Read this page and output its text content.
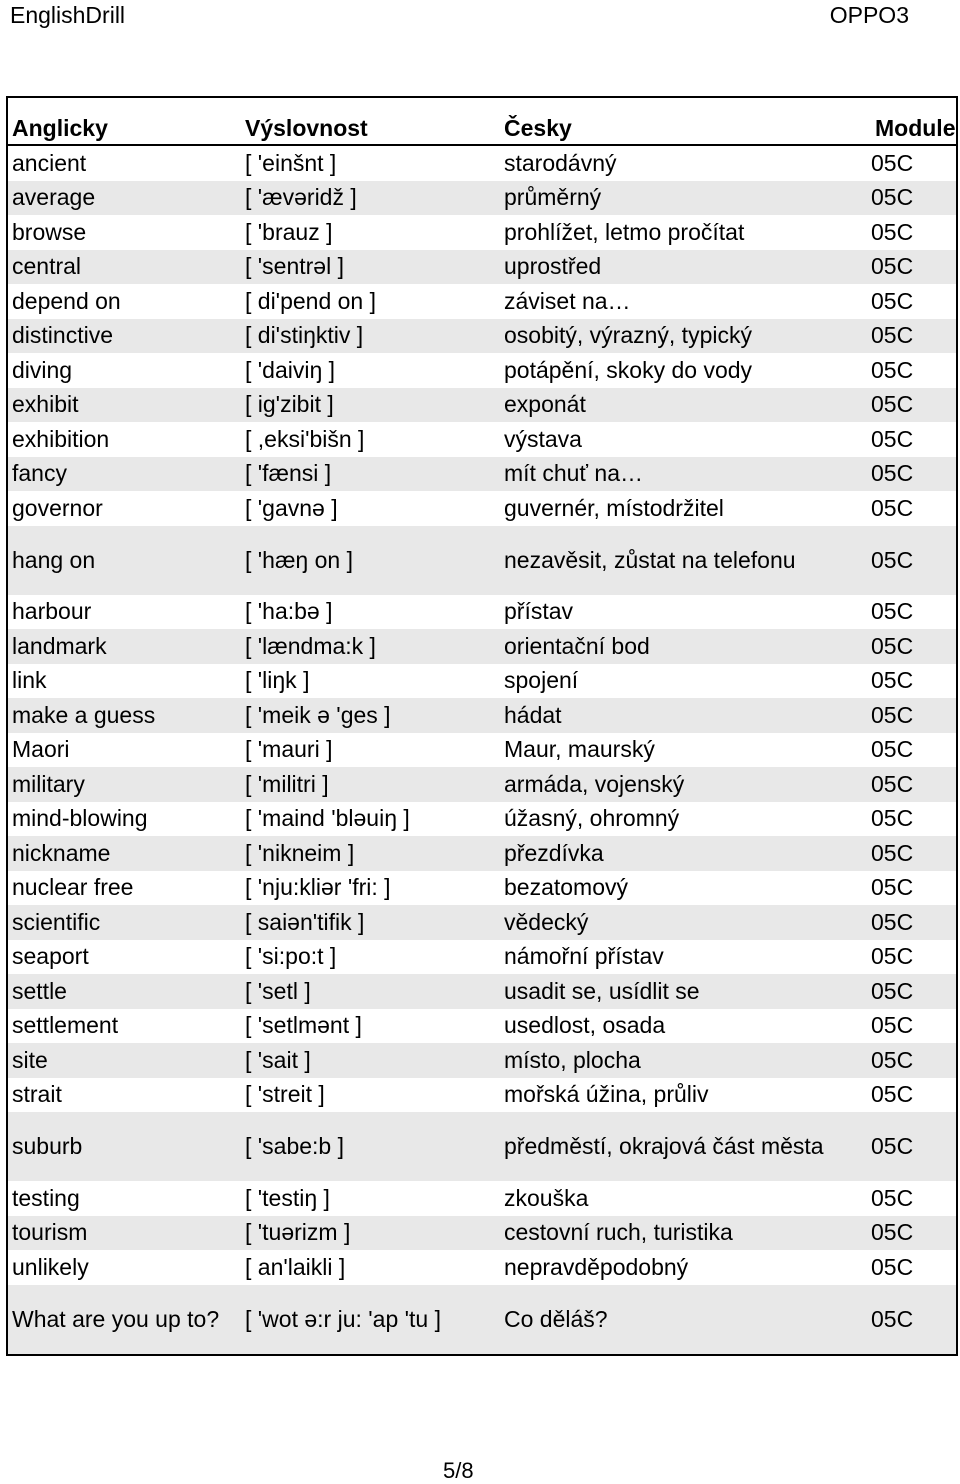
EnglishDrill	OPPO3
Anglicky	Výslovnost	Česky	Module
ancient	[ 'einšnt ]	starodávný	05C
average	[ 'ævəridž ]	průměrný	05C
browse	[ 'brauz ]	prohlížet, letmo pročítat	05C
central	[ 'sentrəl ]	uprostřed	05C
depend on	[ di'pend on ]	záviset na…	05C
distinctive	[ di'stiŋktiv ]	osobitý, výrazný, typický	05C
diving	[ 'daiviŋ ]	potápění, skoky do vody	05C
exhibit	[ ig'zibit ]	exponát	05C
exhibition	[ ,eksi'bišn ]	výstava	05C
fancy	[ 'fænsi ]	mít chuť na…	05C
governor	[ 'gavnə ]	guvernér, místodržitel	05C
hang on	[ 'hæŋ on ]	nezavěsit, zůstat na telefonu	05C
harbour	[ 'ha:bə ]	přístav	05C
landmark	[ 'lændma:k ]	orientační bod	05C
link	[ 'liŋk ]	spojení	05C
make a guess	[ 'meik ə 'ges ]	hádat	05C
Maori	[ 'mauri ]	Maur, maurský	05C
military	[ 'militri ]	armáda, vojenský	05C
mind-blowing	[ 'maind 'bləuiŋ ]	úžasný, ohromný	05C
nickname	[ 'nikneim ]	přezdívka	05C
nuclear free	[ 'nju:kliər 'fri: ]	bezatomový	05C
scientific	[ saiən'tifik ]	vědecký	05C
seaport	[ 'si:po:t ]	námořní přístav	05C
settle	[ 'setl ]	usadit se, usídlit se	05C
settlement	[ 'setlmənt ]	usedlost, osada	05C
site	[ 'sait ]	místo, plocha	05C
strait	[ 'streit ]	mořská úžina, průliv	05C
suburb	[ 'sabe:b ]	předměstí, okrajová část města	05C
testing	[ 'testiŋ ]	zkouška	05C
tourism	[ 'tuərizm ]	cestovní ruch, turistika	05C
unlikely	[ an'laikli ]	nepravděpodobný	05C
What are you up to?	[ 'wot ə:r ju: 'ap 'tu ]	Co děláš?	05C
5/8
